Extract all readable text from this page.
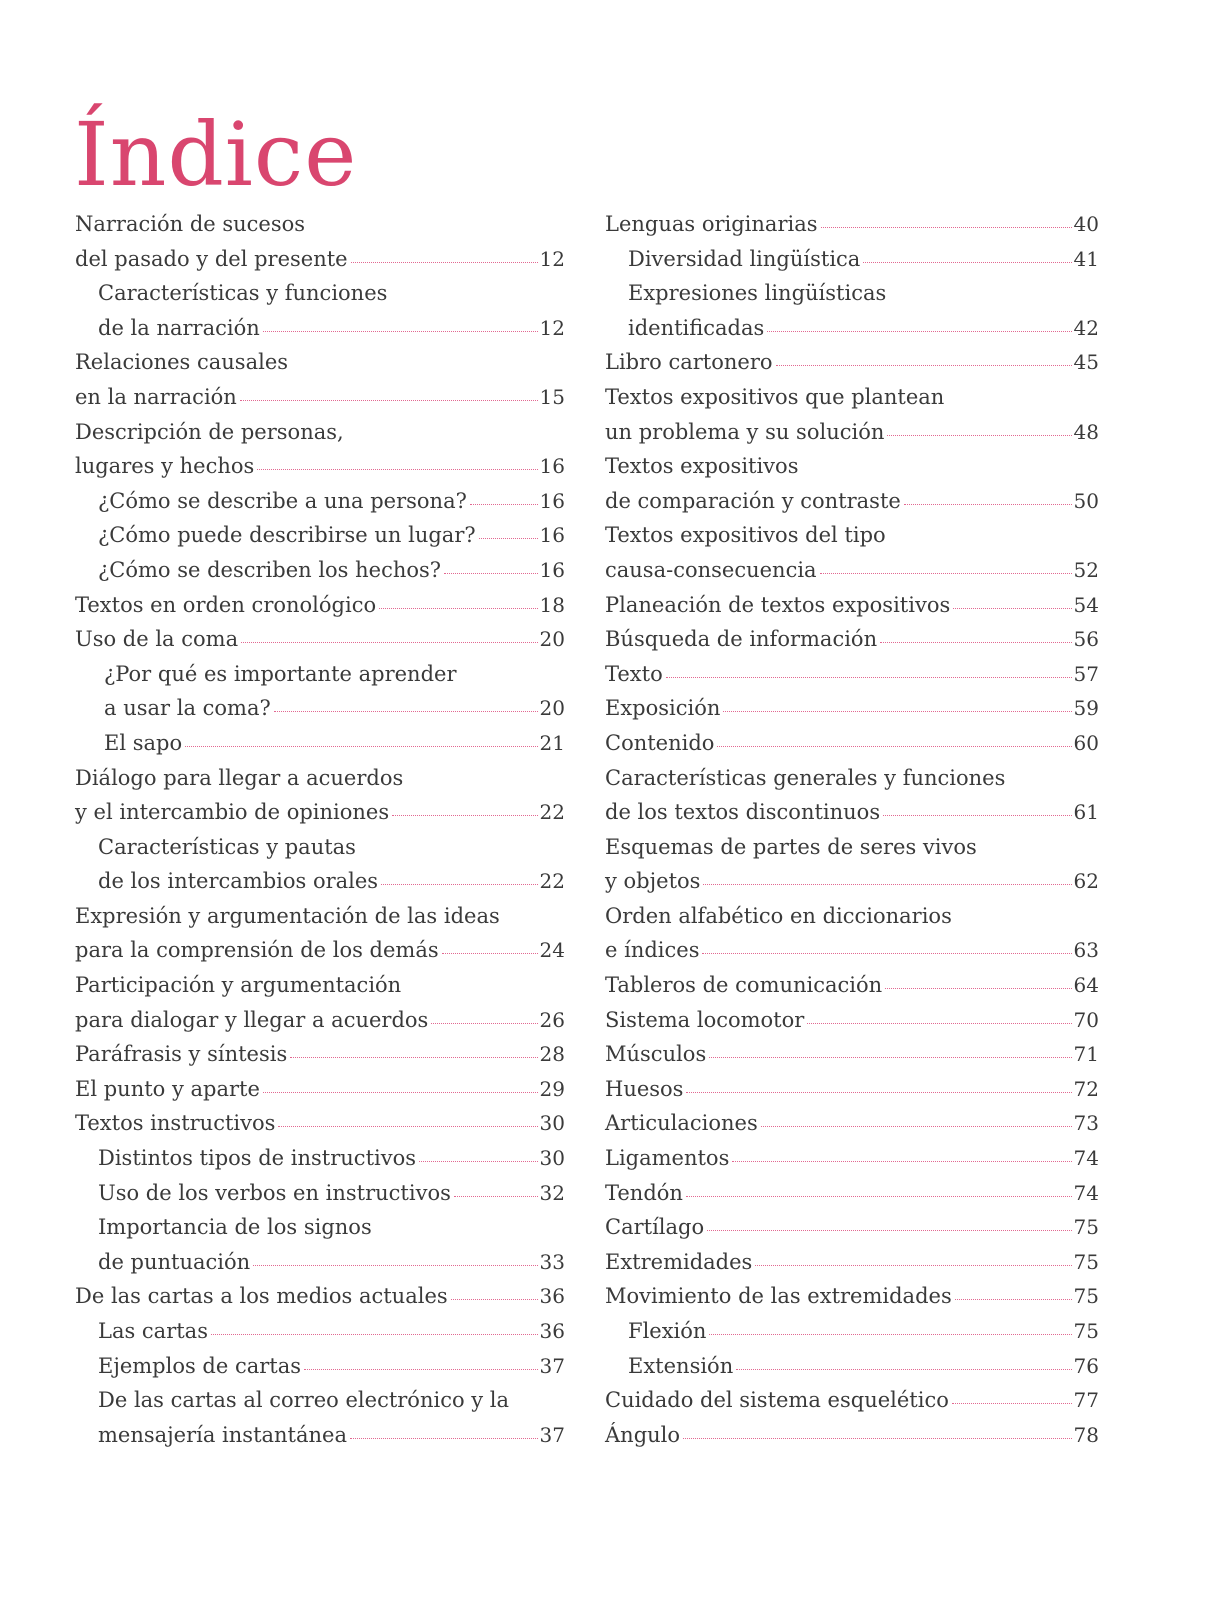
Índice
Narración de sucesos
del pasado y del presente	12
Características y funciones
de la narración	12
Relaciones causales
en la narración	15
Descripción de personas,
lugares y hechos	16
¿Cómo se describe a una persona?	16
¿Cómo puede describirse un lugar?	16
¿Cómo se describen los hechos?	16
Textos en orden cronológico	18
Uso de la coma	20
¿Por qué es importante aprender
a usar la coma?	20
El sapo	21
Diálogo para llegar a acuerdos
y el intercambio de opiniones	22
Características y pautas
de los intercambios orales	22
Expresión y argumentación de las ideas
para la comprensión de los demás	24
Participación y argumentación
para dialogar y llegar a acuerdos	26
Paráfrasis y síntesis	28
El punto y aparte	29
Textos instructivos	30
Distintos tipos de instructivos	30
Uso de los verbos en instructivos	32
Importancia de los signos
de puntuación	33
De las cartas a los medios actuales	36
Las cartas	36
Ejemplos de cartas	37
De las cartas al correo electrónico y la
mensajería instantánea	37
Lenguas originarias	40
Diversidad lingüística	41
Expresiones lingüísticas
identificadas	42
Libro cartonero	45
Textos expositivos que plantean
un problema y su solución	48
Textos expositivos
de comparación y contraste	50
Textos expositivos del tipo
causa-consecuencia	52
Planeación de textos expositivos	54
Búsqueda de información	56
Texto	57
Exposición	59
Contenido	60
Características generales y funciones
de los textos discontinuos	61
Esquemas de partes de seres vivos
y objetos	62
Orden alfabético en diccionarios
e índices	63
Tableros de comunicación	64
Sistema locomotor	70
Músculos	71
Huesos	72
Articulaciones	73
Ligamentos	74
Tendón	74
Cartílago	75
Extremidades	75
Movimiento de las extremidades	75
Flexión	75
Extensión	76
Cuidado del sistema esquelético	77
Ángulo	78
